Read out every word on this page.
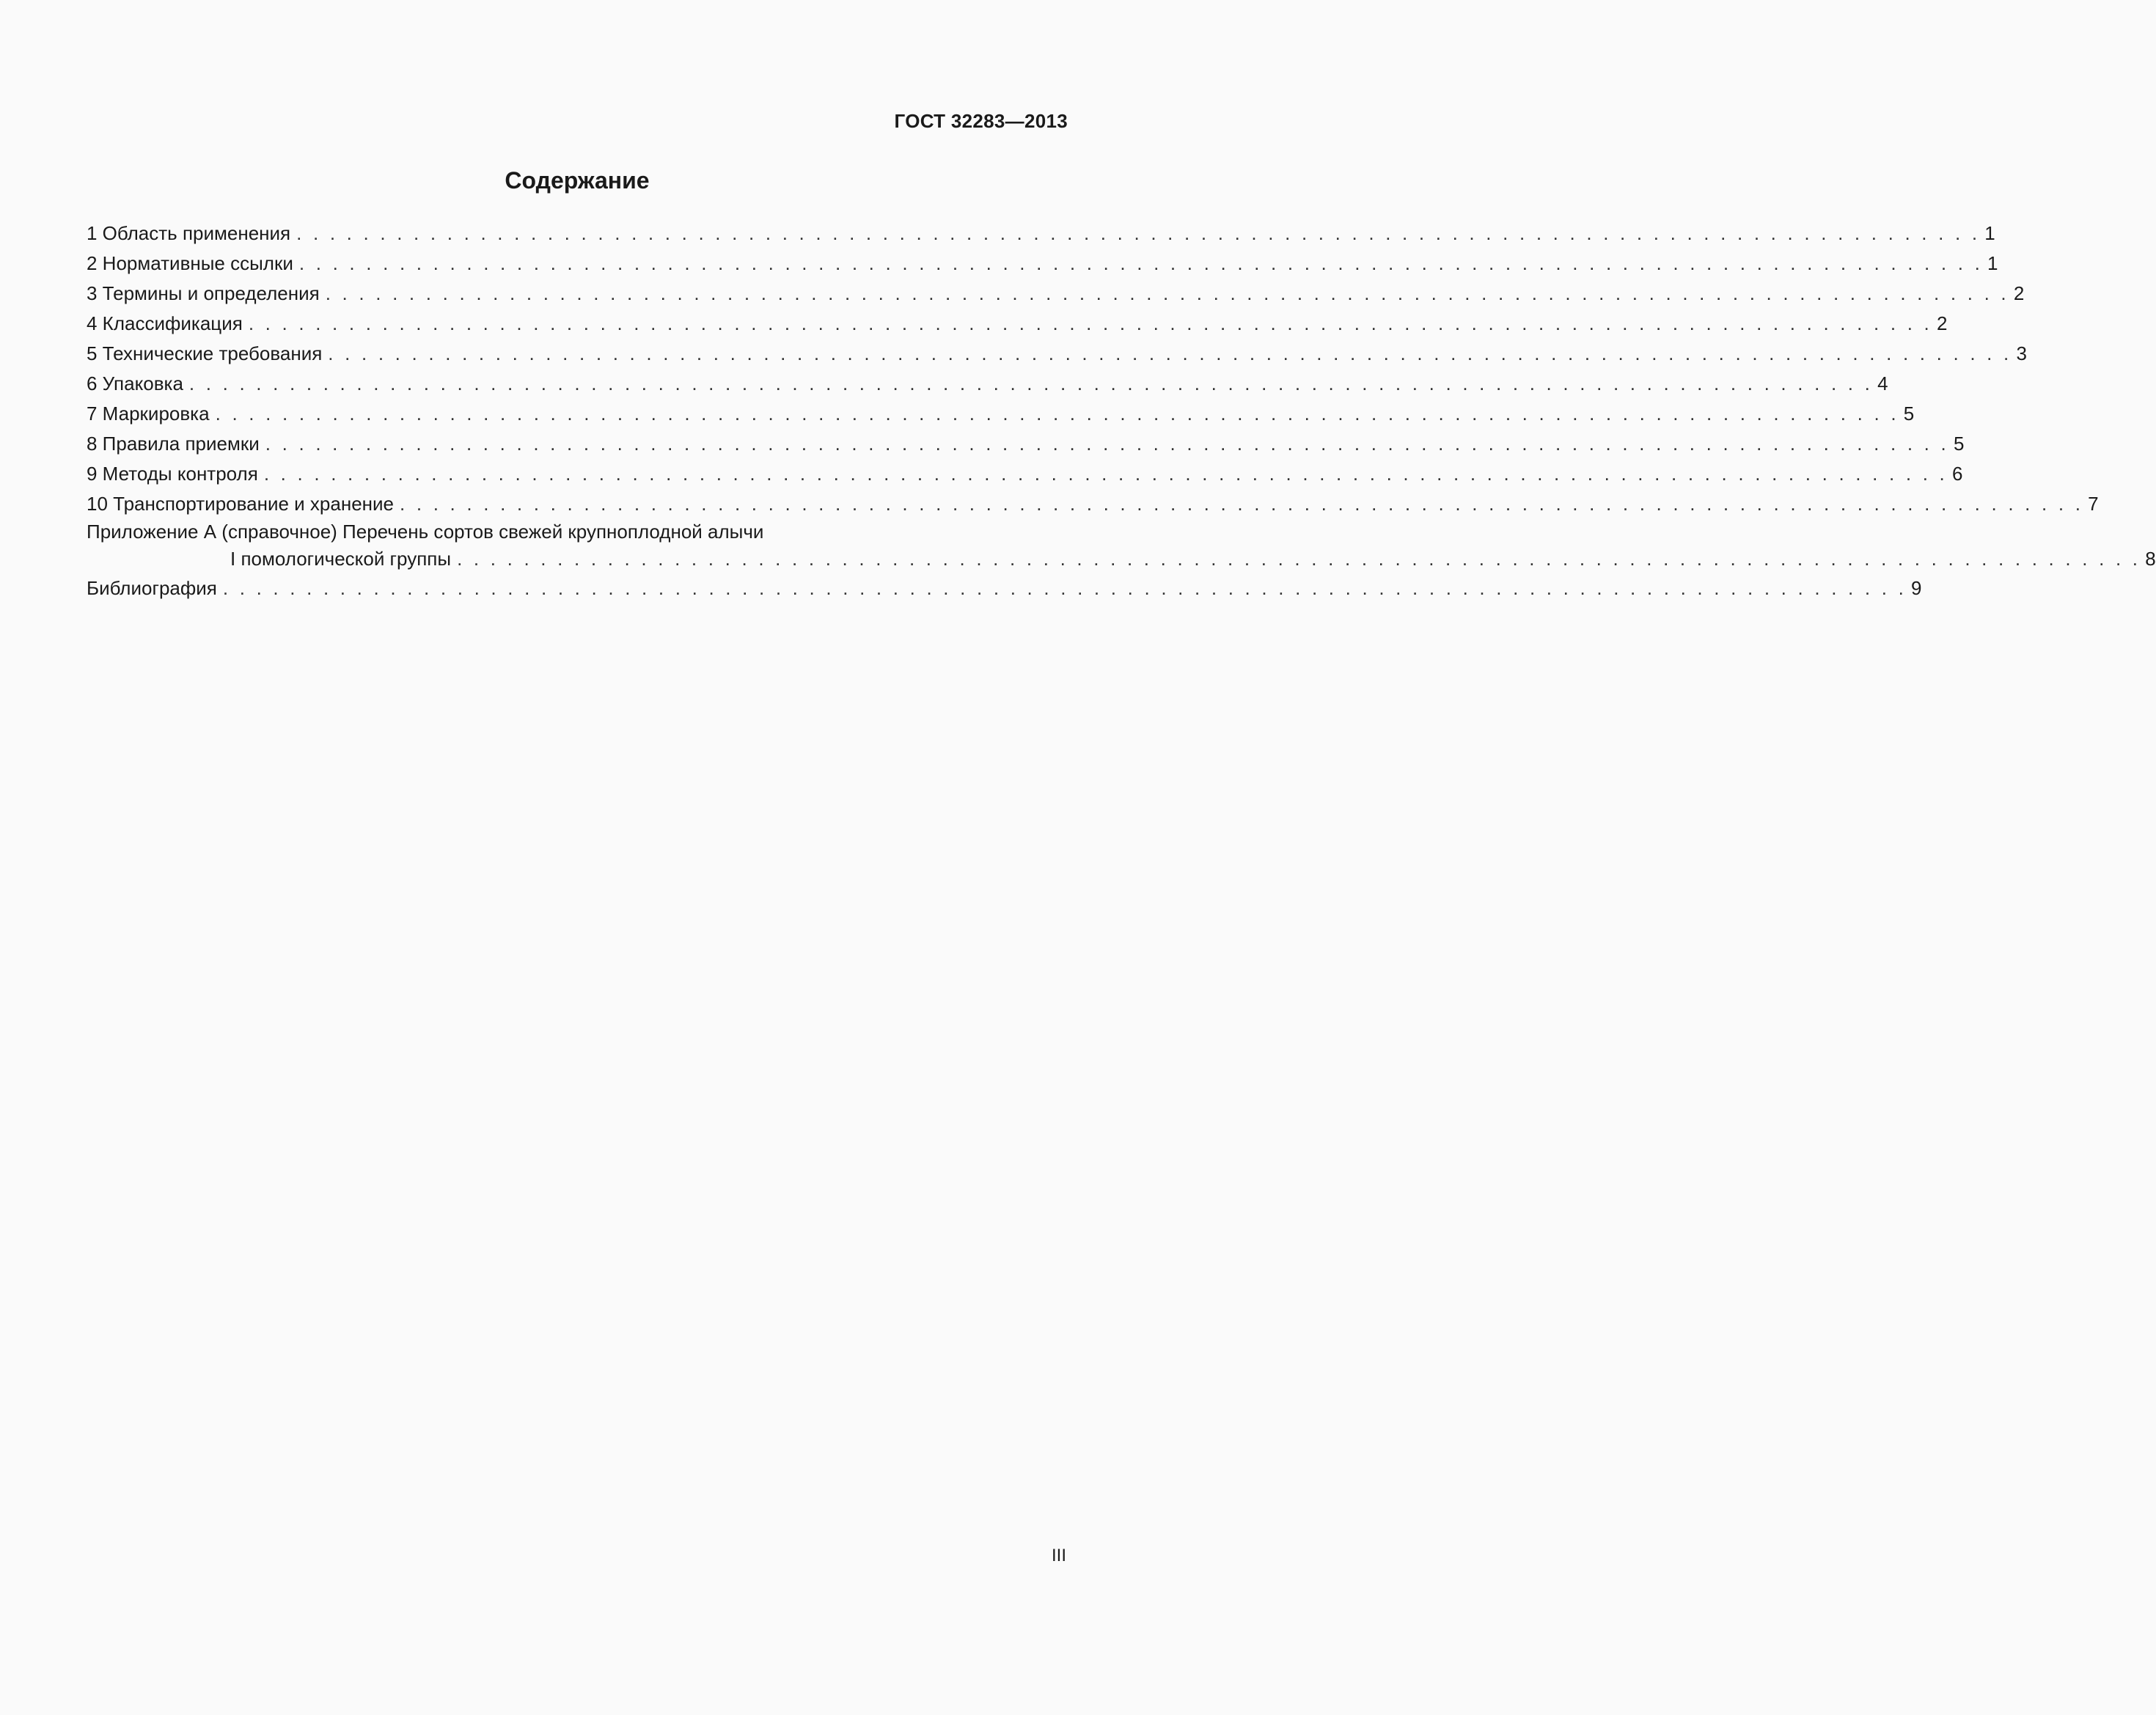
ГОСТ 32283—2013
Содержание
1 Область применения . . . . . . . . . . . . . . . . . . . . . . . . . . . . . . . . . . . . . . . . . . . . . . . . . . . . . . . . . . . . . . . . . . . . . . . . . . . . . . . . . . . . . . . . . . . . . . . . . . . . . 1
2 Нормативные ссылки . . . . . . . . . . . . . . . . . . . . . . . . . . . . . . . . . . . . . . . . . . . . . . . . . . . . . . . . . . . . . . . . . . . . . . . . . . . . . . . . . . . . . . . . . . . . . . . . . . . . . 1
3 Термины и определения . . . . . . . . . . . . . . . . . . . . . . . . . . . . . . . . . . . . . . . . . . . . . . . . . . . . . . . . . . . . . . . . . . . . . . . . . . . . . . . . . . . . . . . . . . . . . . . . . . . . . 2
4 Классификация . . . . . . . . . . . . . . . . . . . . . . . . . . . . . . . . . . . . . . . . . . . . . . . . . . . . . . . . . . . . . . . . . . . . . . . . . . . . . . . . . . . . . . . . . . . . . . . . . . . . . 2
5 Технические требования . . . . . . . . . . . . . . . . . . . . . . . . . . . . . . . . . . . . . . . . . . . . . . . . . . . . . . . . . . . . . . . . . . . . . . . . . . . . . . . . . . . . . . . . . . . . . . . . . . . . . 3
6 Упаковка . . . . . . . . . . . . . . . . . . . . . . . . . . . . . . . . . . . . . . . . . . . . . . . . . . . . . . . . . . . . . . . . . . . . . . . . . . . . . . . . . . . . . . . . . . . . . . . . . . . . . 4
7 Маркировка . . . . . . . . . . . . . . . . . . . . . . . . . . . . . . . . . . . . . . . . . . . . . . . . . . . . . . . . . . . . . . . . . . . . . . . . . . . . . . . . . . . . . . . . . . . . . . . . . . . . . 5
8 Правила приемки . . . . . . . . . . . . . . . . . . . . . . . . . . . . . . . . . . . . . . . . . . . . . . . . . . . . . . . . . . . . . . . . . . . . . . . . . . . . . . . . . . . . . . . . . . . . . . . . . . . . . 5
9 Методы контроля . . . . . . . . . . . . . . . . . . . . . . . . . . . . . . . . . . . . . . . . . . . . . . . . . . . . . . . . . . . . . . . . . . . . . . . . . . . . . . . . . . . . . . . . . . . . . . . . . . . . . 6
10 Транспортирование и хранение . . . . . . . . . . . . . . . . . . . . . . . . . . . . . . . . . . . . . . . . . . . . . . . . . . . . . . . . . . . . . . . . . . . . . . . . . . . . . . . . . . . . . . . . . . . . . . . . . . . . . 7
Приложение А (справочное) Перечень сортов свежей крупноплодной алычи
I помологической группы . . . . . . . . . . . . . . . . . . . . . . . . . . . . . . . . . . . . . . . . . . . . . . . . . . . . . . . . . . . . . . . . . . . . . . . . . . . . . . . . . . . . . . . . . . . . . . . . . . . . . 8
Библиография . . . . . . . . . . . . . . . . . . . . . . . . . . . . . . . . . . . . . . . . . . . . . . . . . . . . . . . . . . . . . . . . . . . . . . . . . . . . . . . . . . . . . . . . . . . . . . . . . . . . . 9
III
